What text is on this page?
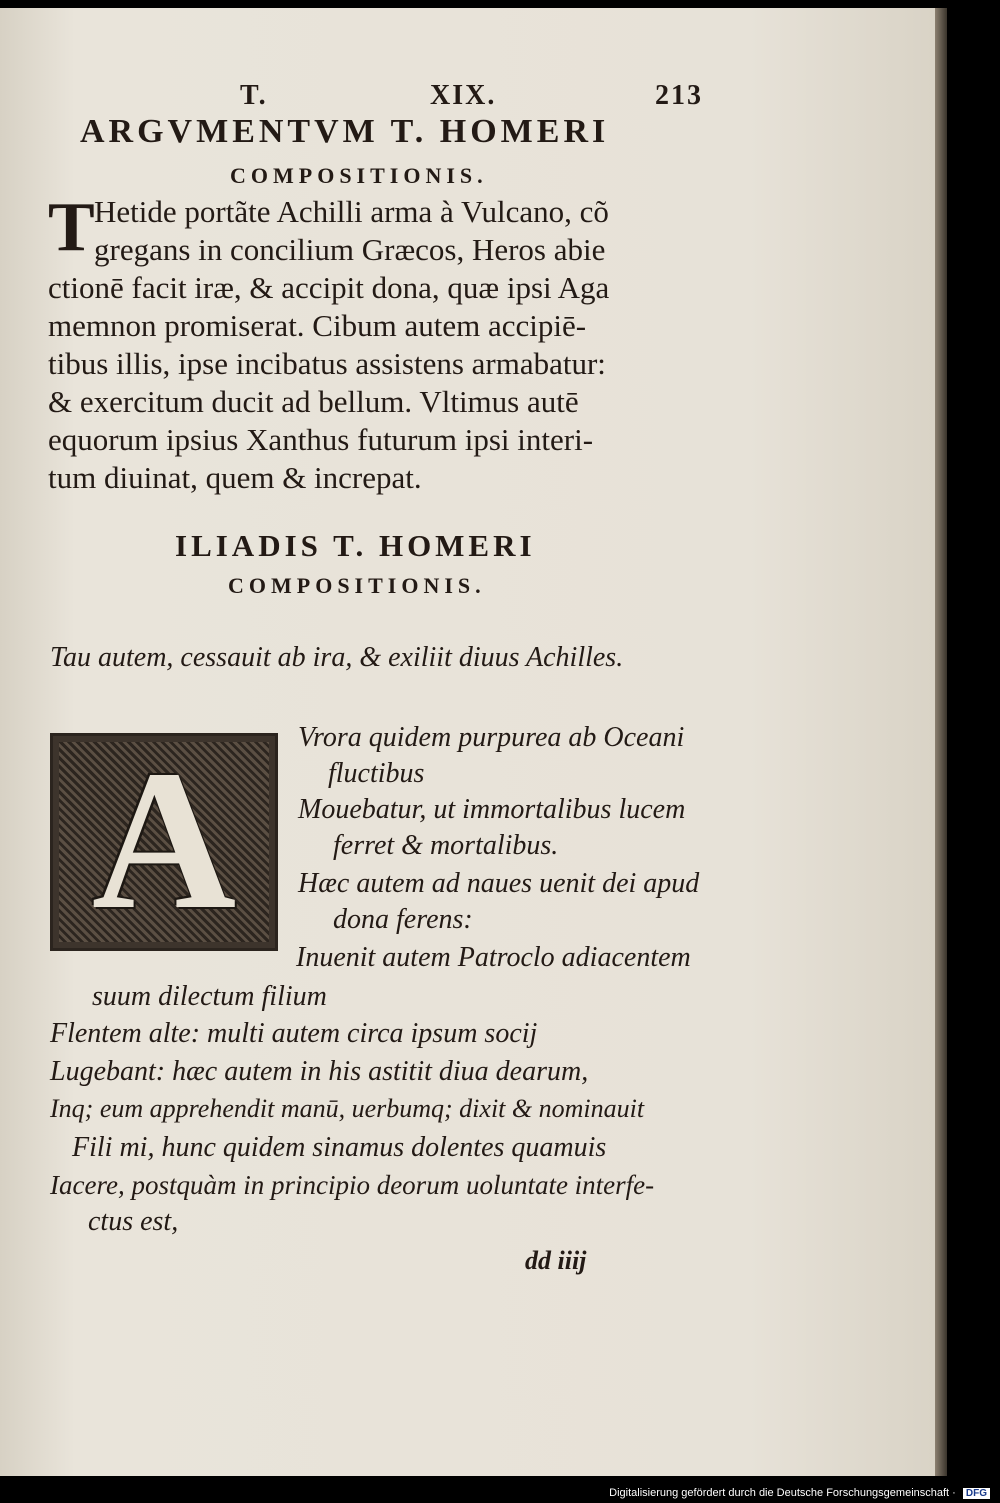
T.	XIX.	213
ARGVMENTVM T. HOMERI
COMPOSITIONIS.
T Hetide portãte Achilli arma à Vulcano, cõ
gregans in concilium Græcos, Heros abie
ctionē facit iræ, & accipit dona, quæ ipsi Aga
memnon promiserat. Cibum autem accipiē-
tibus illis, ipse incibatus assistens armabatur:
& exercitum ducit ad bellum. Vltimus autē
equorum ipsius Xanthus futurum ipsi interi-
tum diuinat, quem & increpat.
ILIADIS T. HOMERI
COMPOSITIONIS.
Tau autem, cessauit ab ira, & exiliit diuus Achilles.
A	Vrora quidem purpurea ab Oceani
fluctibus
Mouebatur, ut immortalibus lucem
ferret & mortalibus.
Hæc autem ad naues uenit dei apud
dona ferens:
Inuenit autem Patroclo adiacentem
suum dilectum filium
Flentem alte: multi autem circa ipsum socij
Lugebant: hæc autem in his astitit diua dearum,
Inq; eum apprehendit manū, uerbumq; dixit & nominauit
Fili mi, hunc quidem sinamus dolentes quamuis
Iacere, postquàm in principio deorum uoluntate interfe-
ctus est,
dd iiij
Digitalisierung gefördert durch die Deutsche Forschungsgemeinschaft · DFG
